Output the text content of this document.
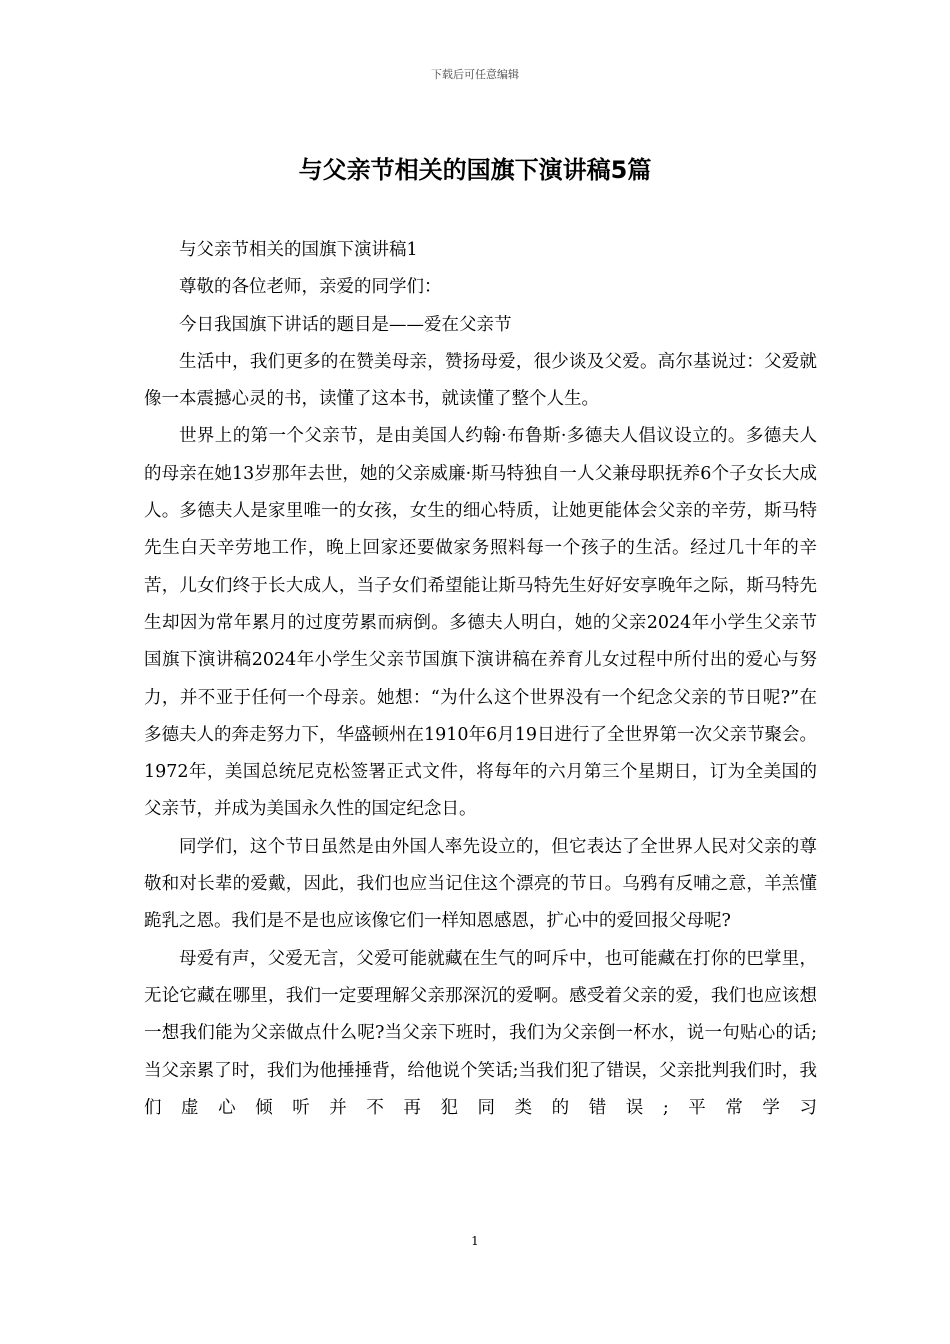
下载后可任意编辑
与父亲节相关的国旗下演讲稿5篇

与父亲节相关的国旗下演讲稿1

尊敬的各位老师，亲爱的同学们：

今日我国旗下讲话的题目是——爱在父亲节

生活中，我们更多的在赞美母亲，赞扬母爱，很少谈及父爱。高尔基说过：父爱就像一本震撼心灵的书，读懂了这本书，就读懂了整个人生。

世界上的第一个父亲节，是由美国人约翰·布鲁斯·多德夫人倡议设立的。多德夫人的母亲在她13岁那年去世，她的父亲威廉·斯马特独自一人父兼母职抚养6个子女长大成人。多德夫人是家里唯一的女孩，女生的细心特质，让她更能体会父亲的辛劳，斯马特先生白天辛劳地工作，晚上回家还要做家务照料每一个孩子的生活。经过几十年的辛苦，儿女们终于长大成人，当子女们希望能让斯马特先生好好安享晚年之际，斯马特先生却因为常年累月的过度劳累而病倒。多德夫人明白，她的父亲2024年小学生父亲节国旗下演讲稿2024年小学生父亲节国旗下演讲稿在养育儿女过程中所付出的爱心与努力，并不亚于任何一个母亲。她想：“为什么这个世界没有一个纪念父亲的节日呢?”在多德夫人的奔走努力下，华盛顿州在1910年6月19日进行了全世界第一次父亲节聚会。1972年，美国总统尼克松签署正式文件，将每年的六月第三个星期日，订为全美国的父亲节，并成为美国永久性的国定纪念日。

同学们，这个节日虽然是由外国人率先设立的，但它表达了全世界人民对父亲的尊敬和对长辈的爱戴，因此，我们也应当记住这个漂亮的节日。乌鸦有反哺之意，羊羔懂跪乳之恩。我们是不是也应该像它们一样知恩感恩，扩心中的爱回报父母呢?

母爱有声，父爱无言，父爱可能就藏在生气的呵斥中，也可能藏在打你的巴掌里，无论它藏在哪里，我们一定要理解父亲那深沉的爱啊。感受着父亲的爱，我们也应该想一想我们能为父亲做点什么呢?当父亲下班时，我们为父亲倒一杯水，说一句贴心的话;当父亲累了时，我们为他捶捶背，给他说个笑话;当我们犯了错误，父亲批判我们时，我们虚心倾听并不再犯同类的错误;平常学习

1
